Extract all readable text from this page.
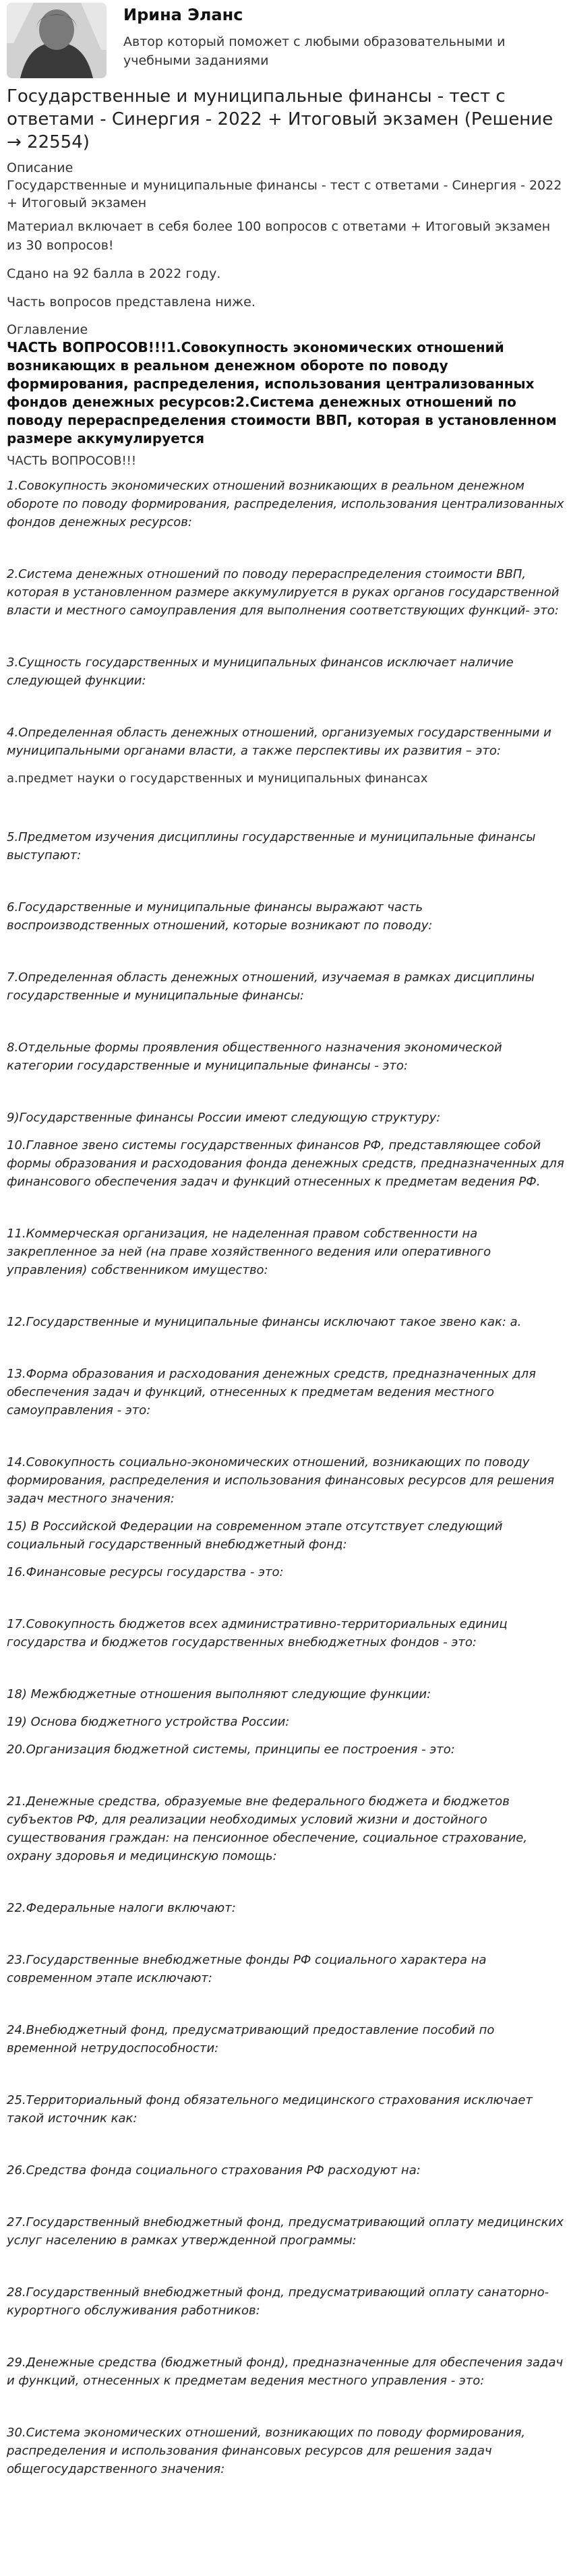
Ирина Эланс
Автор который поможет с любыми образовательными и учебными заданиями
Государственные и муниципальные финансы - тест с ответами - Синергия - 2022 + Итоговый экзамен (Решение → 22554)
Описание
Государственные и муниципальные финансы - тест с ответами - Синергия - 2022 + Итоговый экзамен
Материал включает в себя более 100 вопросов с ответами + Итоговый экзамен из 30 вопросов!
Сдано на 92 балла в 2022 году.
Часть вопросов представлена ниже.
Оглавление
ЧАСТЬ ВОПРОСОВ!!!1.Совокупность экономических отношений возникающих в реальном денежном обороте по поводу формирования, распределения, использования централизованных фондов денежных ресурсов:2.Система денежных отношений по поводу перераспределения стоимости ВВП, которая в установленном размере аккумулируется
ЧАСТЬ ВОПРОСОВ!!!

1.Совокупность экономических отношений возникающих в реальном денежном обороте по поводу формирования, распределения, использования централизованных фондов денежных ресурсов:

2.Система денежных отношений по поводу перераспределения стоимости ВВП, которая в установленном размере аккумулируется в руках органов государственной власти и местного самоуправления для выполнения соответствующих функций- это:

3.Сущность государственных и муниципальных финансов исключает наличие следующей функции:

4.Определенная область денежных отношений, организуемых государственными и муниципальными органами власти, а также перспективы их развития – это:

а.предмет науки о государственных и муниципальных финансах

5.Предметом изучения дисциплины государственные и муниципальные финансы выступают:

6.Государственные и муниципальные финансы выражают часть воспроизводственных отношений, которые возникают по поводу:

7.Определенная область денежных отношений, изучаемая в рамках дисциплины государственные и муниципальные финансы:

8.Отдельные формы проявления общественного назначения экономической категории государственные и муниципальные финансы - это:

9)Государственные финансы России имеют следующую структуру:

10.Главное звено системы государственных финансов РФ, представляющее собой формы образования и расходования фонда денежных средств, предназначенных для финансового обеспечения задач и функций отнесенных к предметам ведения РФ.

11.Коммерческая организация, не наделенная правом собственности на закрепленное за ней (на праве хозяйственного ведения или оперативного управления) собственником имущество:

12.Государственные и муниципальные финансы исключают такое звено как: а.

13.Форма образования и расходования денежных средств, предназначенных для обеспечения задач и функций, отнесенных к предметам ведения местного самоуправления - это:

14.Совокупность социально-экономических отношений, возникающих по поводу формирования, распределения и использования финансовых ресурсов для решения задач местного значения:

15) В Российской Федерации на современном этапе отсутствует следующий социальный государственный внебюджетный фонд:

16.Финансовые ресурсы государства - это:

17.Совокупность бюджетов всех административно-территориальных единиц государства и бюджетов государственных внебюджетных фондов - это:

18) Межбюджетные отношения выполняют следующие функции:

19) Основа бюджетного устройства России:

20.Организация бюджетной системы, принципы ее построения - это:

21.Денежные средства, образуемые вне федерального бюджета и бюджетов субъектов РФ, для реализации необходимых условий жизни и достойного существования граждан: на пенсионное обеспечение, социальное страхование, охрану здоровья и медицинскую помощь:

22.Федеральные налоги включают:

23.Государственные внебюджетные фонды РФ социального характера на современном этапе исключают:

24.Внебюджетный фонд, предусматривающий предоставление пособий по временной нетрудоспособности:

25.Территориальный фонд обязательного медицинского страхования исключает такой источник как:

26.Средства фонда социального страхования РФ расходуют на:

27.Государственный внебюджетный фонд, предусматривающий оплату медицинских услуг населению в рамках утвержденной программы:

28.Государственный внебюджетный фонд, предусматривающий оплату санаторно- курортного обслуживания работников:

29.Денежные средства (бюджетный фонд), предназначенные для обеспечения задач и функций, отнесенных к предметам ведения местного управления - это:

30.Система экономических отношений, возникающих по поводу формирования, распределения и использования финансовых ресурсов для решения задач общегосударственного значения:
